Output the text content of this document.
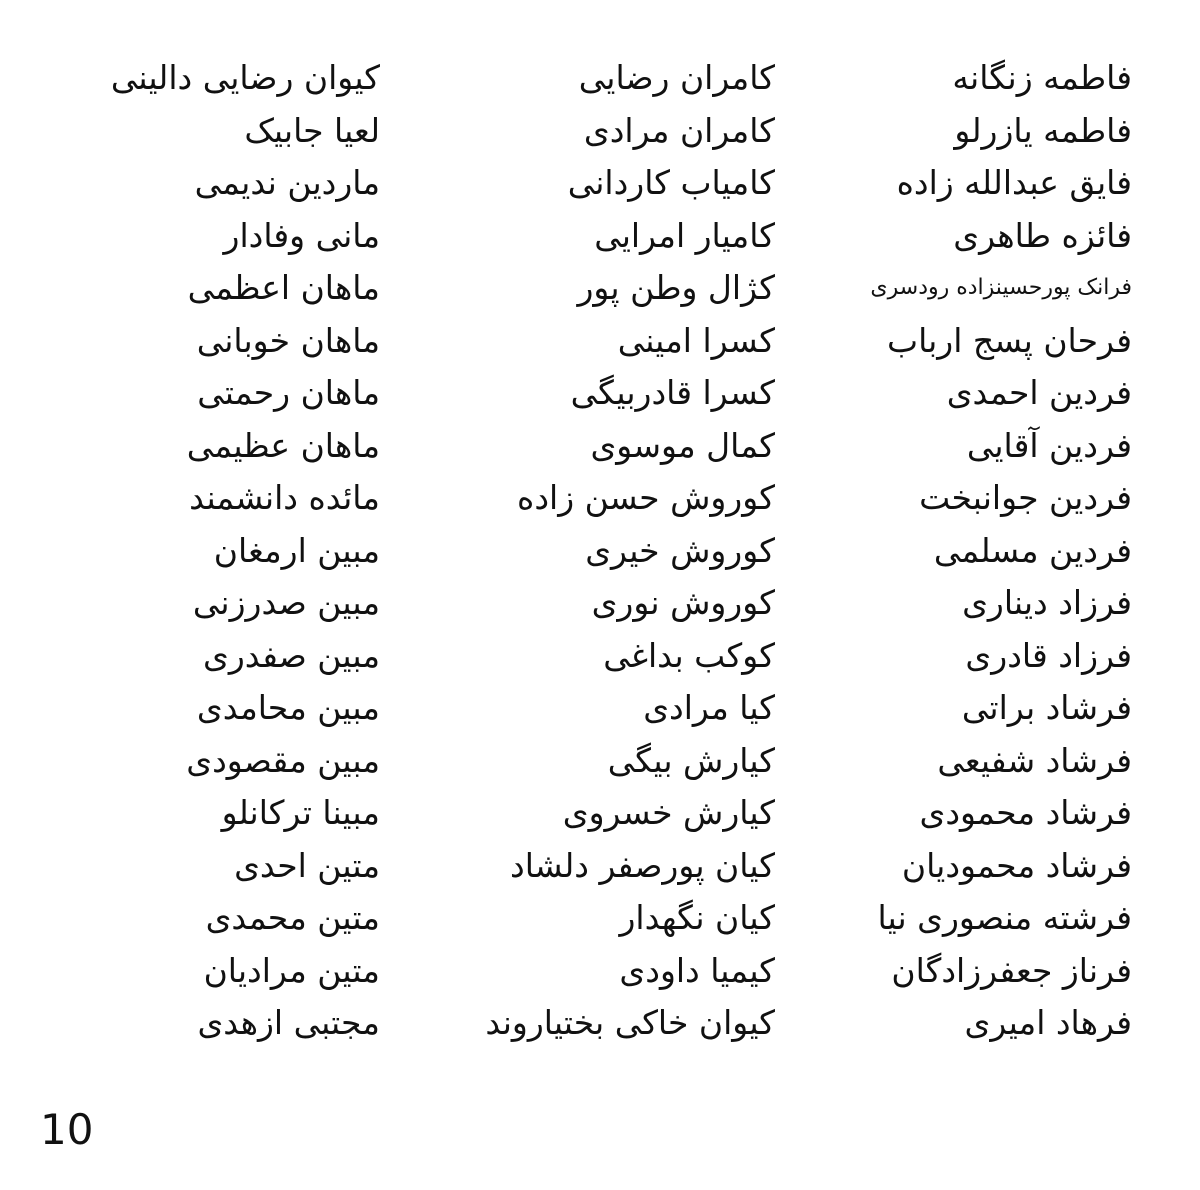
فاطمه زنگانه
فاطمه یازرلو
فایق عبدالله زاده
فائزه طاهری
فرانک پورحسینزاده رودسری
فرحان پسج ارباب
فردین احمدی
فردین آقایی
فردین جوانبخت
فردین مسلمی
فرزاد دیناری
فرزاد قادری
فرشاد براتی
فرشاد شفیعی
فرشاد محمودی
فرشاد محمودیان
فرشته منصوری نیا
فرناز جعفرزادگان
فرهاد امیری
کامران رضایی
کامران مرادی
کامیاب کاردانی
کامیار امرایی
کژال وطن پور
کسرا امینی
کسرا قادربیگی
کمال موسوی
کوروش حسن زاده
کوروش خیری
کوروش نوری
کوکب بداغی
کیا مرادی
کیارش بیگی
کیارش خسروی
کیان پورصفر دلشاد
کیان نگهدار
کیمیا داودی
کیوان خاکی بختیاروند
کیوان رضایی دالینی
لعیا جابیک
ماردین ندیمی
مانی وفادار
ماهان اعظمی
ماهان خوبانی
ماهان رحمتی
ماهان عظیمی
مائده دانشمند
مبین ارمغان
مبین صدرزنی
مبین صفدری
مبین محامدی
مبین مقصودی
مبینا ترکانلو
متین احدی
متین محمدی
متین مرادیان
مجتبی ازهدی
10
